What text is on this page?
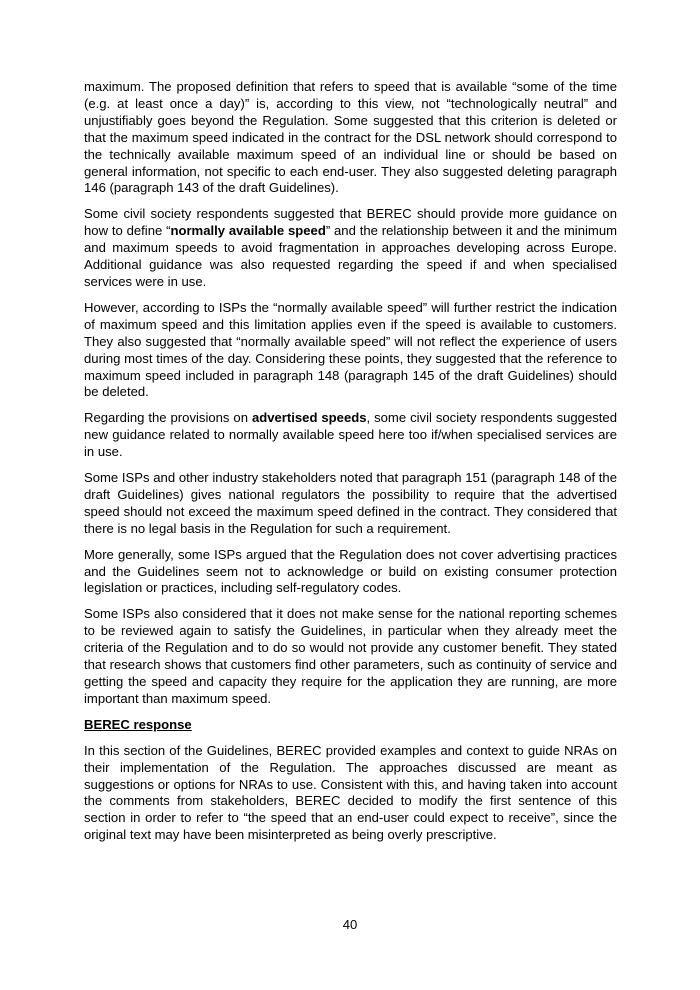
maximum. The proposed definition that refers to speed that is available “some of the time (e.g. at least once a day)” is, according to this view, not “technologically neutral” and unjustifiably goes beyond the Regulation. Some suggested that this criterion is deleted or that the maximum speed indicated in the contract for the DSL network should correspond to the technically available maximum speed of an individual line or should be based on general information, not specific to each end-user. They also suggested deleting paragraph 146 (paragraph 143 of the draft Guidelines).

Some civil society respondents suggested that BEREC should provide more guidance on how to define “normally available speed” and the relationship between it and the minimum and maximum speeds to avoid fragmentation in approaches developing across Europe. Additional guidance was also requested regarding the speed if and when specialised services were in use.

However, according to ISPs the “normally available speed” will further restrict the indication of maximum speed and this limitation applies even if the speed is available to customers. They also suggested that “normally available speed” will not reflect the experience of users during most times of the day. Considering these points, they suggested that the reference to maximum speed included in paragraph 148 (paragraph 145 of the draft Guidelines) should be deleted.

Regarding the provisions on advertised speeds, some civil society respondents suggested new guidance related to normally available speed here too if/when specialised services are in use.

Some ISPs and other industry stakeholders noted that paragraph 151 (paragraph 148 of the draft Guidelines) gives national regulators the possibility to require that the advertised speed should not exceed the maximum speed defined in the contract. They considered that there is no legal basis in the Regulation for such a requirement.

More generally, some ISPs argued that the Regulation does not cover advertising practices and the Guidelines seem not to acknowledge or build on existing consumer protection legislation or practices, including self-regulatory codes.

Some ISPs also considered that it does not make sense for the national reporting schemes to be reviewed again to satisfy the Guidelines, in particular when they already meet the criteria of the Regulation and to do so would not provide any customer benefit. They stated that research shows that customers find other parameters, such as continuity of service and getting the speed and capacity they require for the application they are running, are more important than maximum speed.

BEREC response

In this section of the Guidelines, BEREC provided examples and context to guide NRAs on their implementation of the Regulation. The approaches discussed are meant as suggestions or options for NRAs to use. Consistent with this, and having taken into account the comments from stakeholders, BEREC decided to modify the first sentence of this section in order to refer to “the speed that an end-user could expect to receive”, since the original text may have been misinterpreted as being overly prescriptive.

40
